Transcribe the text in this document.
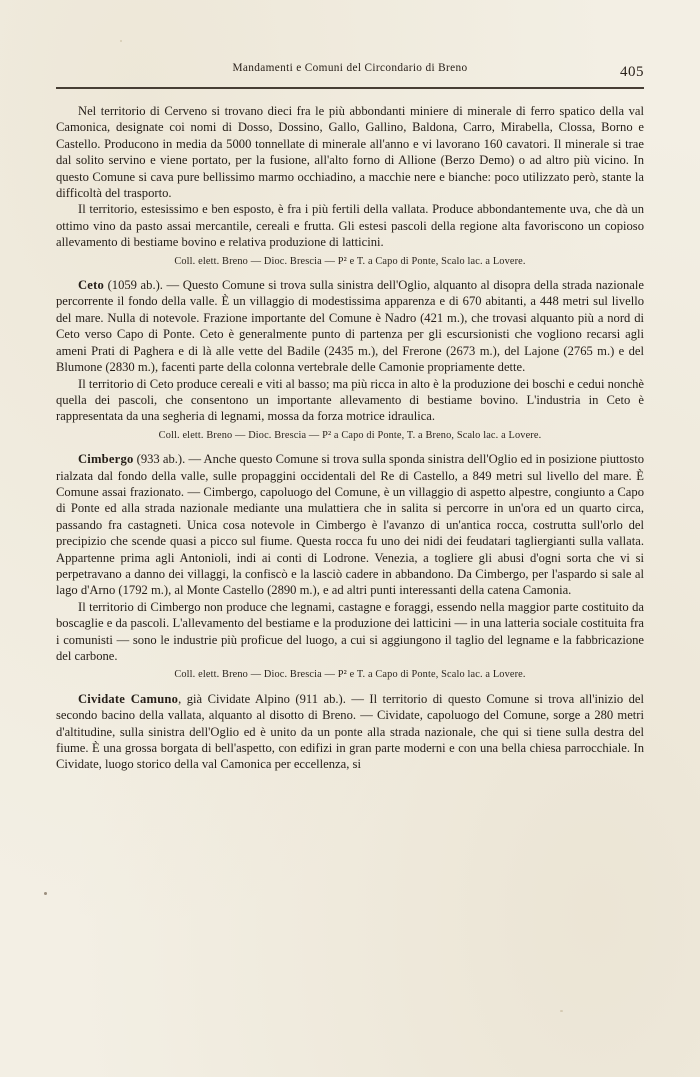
Mandamenti e Comuni del Circondario di Breno	405

Nel territorio di Cerveno si trovano dieci fra le più abbondanti miniere di minerale di ferro spatico della val Camonica, designate coi nomi di Dosso, Dossino, Gallo, Gallino, Baldona, Carro, Mirabella, Clossa, Borno e Castello. Producono in media da 5000 tonnellate di minerale all'anno e vi lavorano 160 cavatori. Il minerale si trae dal solito servino e viene portato, per la fusione, all'alto forno di Allione (Berzo Demo) o ad altro più vicino. In questo Comune si cava pure bellissimo marmo occhiadino, a macchie nere e bianche: poco utilizzato però, stante la difficoltà del trasporto.

Il territorio, estesissimo e ben esposto, è fra i più fertili della vallata. Produce abbondantemente uva, che dà un ottimo vino da pasto assai mercantile, cereali e frutta. Gli estesi pascoli della regione alta favoriscono un copioso allevamento di bestiame bovino e relativa produzione di latticini.

Coll. elett. Breno — Dioc. Brescia — P² e T. a Capo di Ponte, Scalo lac. a Lovere.

Ceto (1059 ab.). — Questo Comune si trova sulla sinistra dell'Oglio, alquanto al disopra della strada nazionale percorrente il fondo della valle. È un villaggio di modestissima apparenza e di 670 abitanti, a 448 metri sul livello del mare. Nulla di notevole. Frazione importante del Comune è Nadro (421 m.), che trovasi alquanto più a nord di Ceto verso Capo di Ponte. Ceto è generalmente punto di partenza per gli escursionisti che vogliono recarsi agli ameni Prati di Paghera e di là alle vette del Badile (2435 m.), del Frerone (2673 m.), del Lajone (2765 m.) e del Blumone (2830 m.), facenti parte della colonna vertebrale delle Camonie propriamente dette.

Il territorio di Ceto produce cereali e viti al basso; ma più ricca in alto è la produzione dei boschi e cedui nonchè quella dei pascoli, che consentono un importante allevamento di bestiame bovino. L'industria in Ceto è rappresentata da una segheria di legnami, mossa da forza motrice idraulica.

Coll. elett. Breno — Dioc. Brescia — P² a Capo di Ponte, T. a Breno, Scalo lac. a Lovere.

Cimbergo (933 ab.). — Anche questo Comune si trova sulla sponda sinistra dell'Oglio ed in posizione piuttosto rialzata dal fondo della valle, sulle propaggini occidentali del Re di Castello, a 849 metri sul livello del mare. È Comune assai frazionato. — Cimbergo, capoluogo del Comune, è un villaggio di aspetto alpestre, congiunto a Capo di Ponte ed alla strada nazionale mediante una mulattiera che in salita si percorre in un'ora ed un quarto circa, passando fra castagneti. Unica cosa notevole in Cimbergo è l'avanzo di un'antica rocca, costrutta sull'orlo del precipizio che scende quasi a picco sul fiume. Questa rocca fu uno dei nidi dei feudatari tagliergianti sulla vallata. Appartenne prima agli Antonioli, indi ai conti di Lodrone. Venezia, a togliere gli abusi d'ogni sorta che vi si perpetravano a danno dei villaggi, la confiscò e la lasciò cadere in abbandono. Da Cimbergo, per l'aspardo si sale al lago d'Arno (1792 m.), al Monte Castello (2890 m.), e ad altri punti interessanti della catena Camonia.

Il territorio di Cimbergo non produce che legnami, castagne e foraggi, essendo nella maggior parte costituito da boscaglie e da pascoli. L'allevamento del bestiame e la produzione dei latticini — in una latteria sociale costituita fra i comunisti — sono le industrie più proficue del luogo, a cui si aggiungono il taglio del legname e la fabbricazione del carbone.

Coll. elett. Breno — Dioc. Brescia — P² e T. a Capo di Ponte, Scalo lac. a Lovere.

Cividate Camuno, già Cividate Alpino (911 ab.). — Il territorio di questo Comune si trova all'inizio del secondo bacino della vallata, alquanto al disotto di Breno. — Cividate, capoluogo del Comune, sorge a 280 metri d'altitudine, sulla sinistra dell'Oglio ed è unito da un ponte alla strada nazionale, che qui si tiene sulla destra del fiume. È una grossa borgata di bell'aspetto, con edifizi in gran parte moderni e con una bella chiesa parrocchiale. In Cividate, luogo storico della val Camonica per eccellenza, si
